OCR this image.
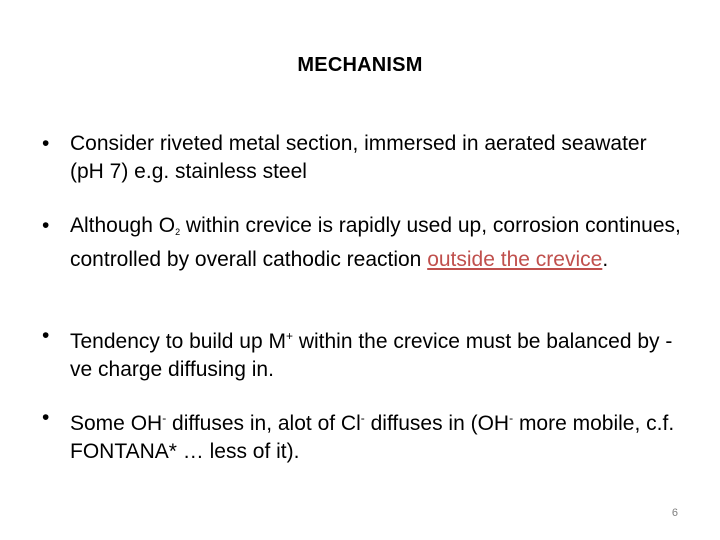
MECHANISM
• Consider riveted metal section, immersed in aerated seawater (pH 7) e.g. stainless steel
• Although $O_2$ within crevice is rapidly used up, corrosion continues, controlled by overall cathodic reaction outside the crevice.
• Tendency to build up M+ within the crevice must be balanced by -ve charge diffusing in.
• Some OH- diffuses in, alot of Cl- diffuses in (OH- more mobile, c.f. FONTANA* … less of it).
6
